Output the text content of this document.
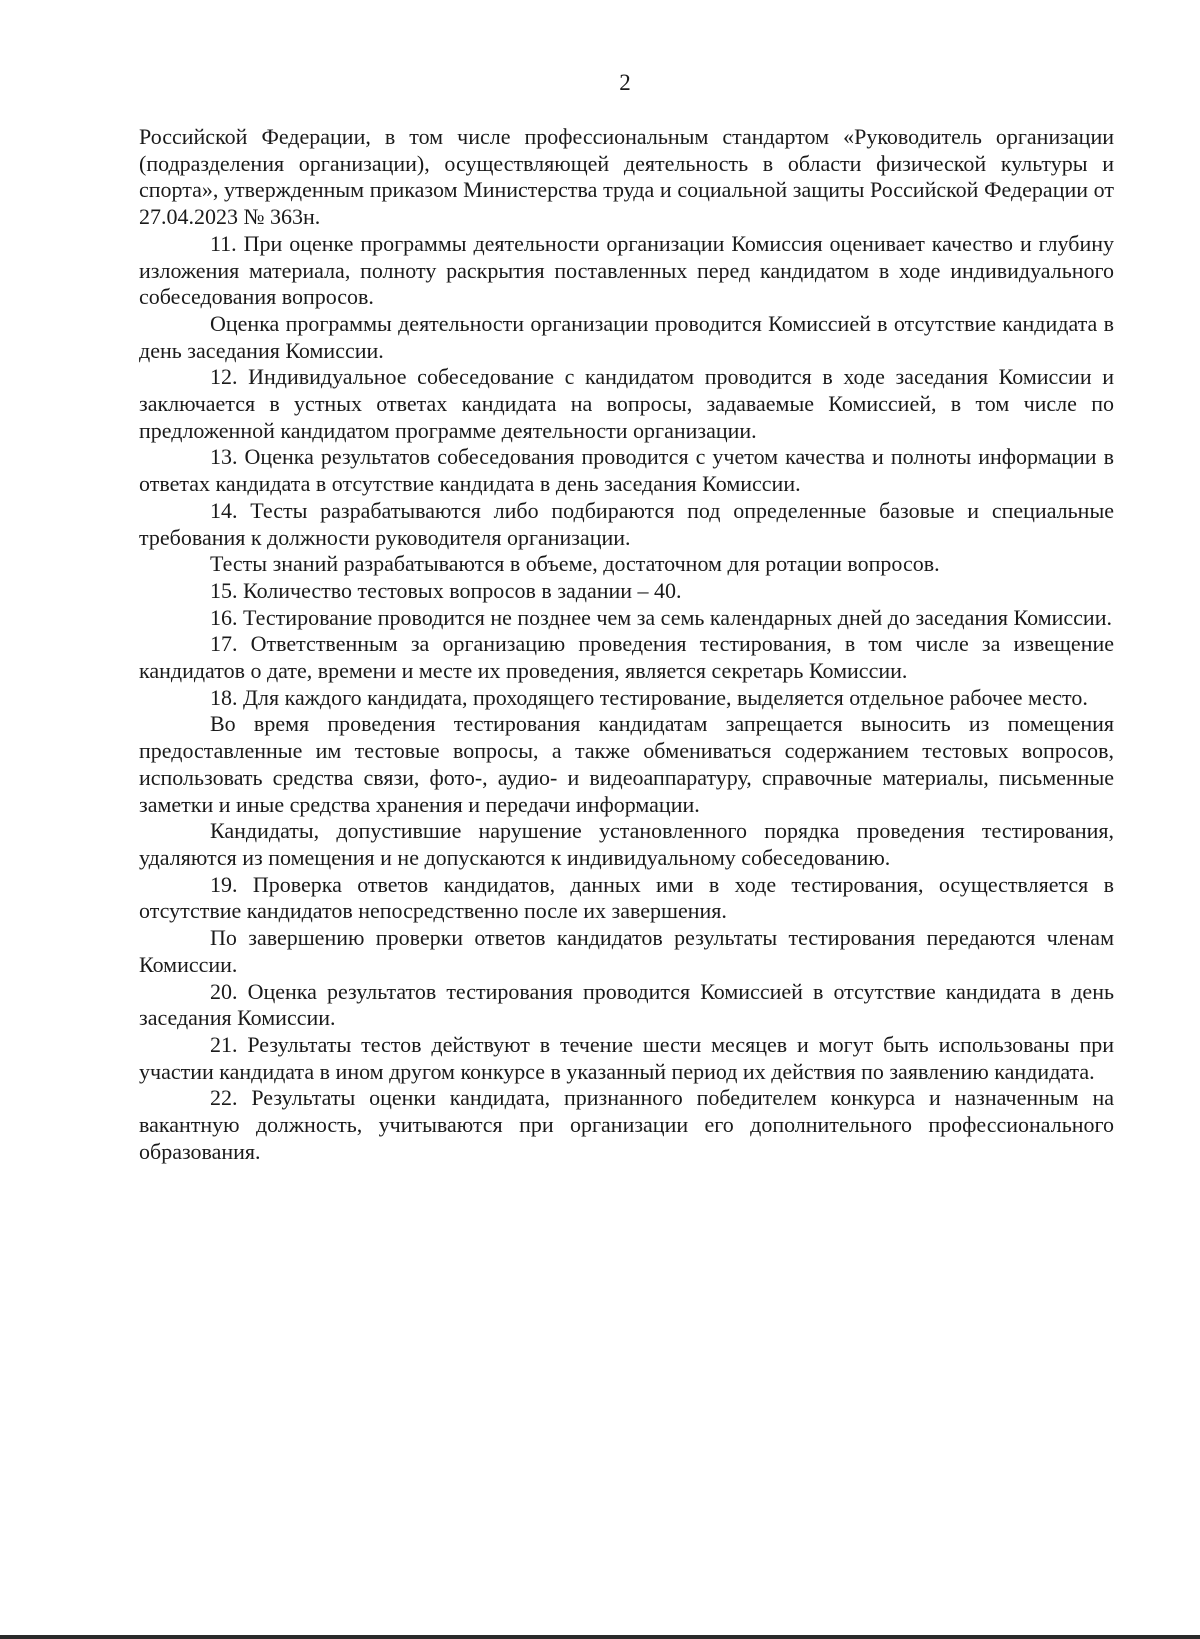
2

Российской Федерации, в том числе профессиональным стандартом «Руководитель организации (подразделения организации), осуществляющей деятельность в области физической культуры и спорта», утвержденным приказом Министерства труда и социальной защиты Российской Федерации от 27.04.2023 № 363н.

11. При оценке программы деятельности организации Комиссия оценивает качество и глубину изложения материала, полноту раскрытия поставленных перед кандидатом в ходе индивидуального собеседования вопросов.

Оценка программы деятельности организации проводится Комиссией в отсутствие кандидата в день заседания Комиссии.

12. Индивидуальное собеседование с кандидатом проводится в ходе заседания Комиссии и заключается в устных ответах кандидата на вопросы, задаваемые Комиссией, в том числе по предложенной кандидатом программе деятельности организации.

13. Оценка результатов собеседования проводится с учетом качества и полноты информации в ответах кандидата в отсутствие кандидата в день заседания Комиссии.

14. Тесты разрабатываются либо подбираются под определенные базовые и специальные требования к должности руководителя организации.

Тесты знаний разрабатываются в объеме, достаточном для ротации вопросов.

15. Количество тестовых вопросов в задании – 40.

16. Тестирование проводится не позднее чем за семь календарных дней до заседания Комиссии.

17. Ответственным за организацию проведения тестирования, в том числе за извещение кандидатов о дате, времени и месте их проведения, является секретарь Комиссии.

18. Для каждого кандидата, проходящего тестирование, выделяется отдельное рабочее место.

Во время проведения тестирования кандидатам запрещается выносить из помещения предоставленные им тестовые вопросы, а также обмениваться содержанием тестовых вопросов, использовать средства связи, фото-, аудио- и видеоаппаратуру, справочные материалы, письменные заметки и иные средства хранения и передачи информации.

Кандидаты, допустившие нарушение установленного порядка проведения тестирования, удаляются из помещения и не допускаются к индивидуальному собеседованию.

19. Проверка ответов кандидатов, данных ими в ходе тестирования, осуществляется в отсутствие кандидатов непосредственно после их завершения.

По завершению проверки ответов кандидатов результаты тестирования передаются членам Комиссии.

20. Оценка результатов тестирования проводится Комиссией в отсутствие кандидата в день заседания Комиссии.

21. Результаты тестов действуют в течение шести месяцев и могут быть использованы при участии кандидата в ином другом конкурсе в указанный период их действия по заявлению кандидата.

22. Результаты оценки кандидата, признанного победителем конкурса и назначенным на вакантную должность, учитываются при организации его дополнительного профессионального образования.
